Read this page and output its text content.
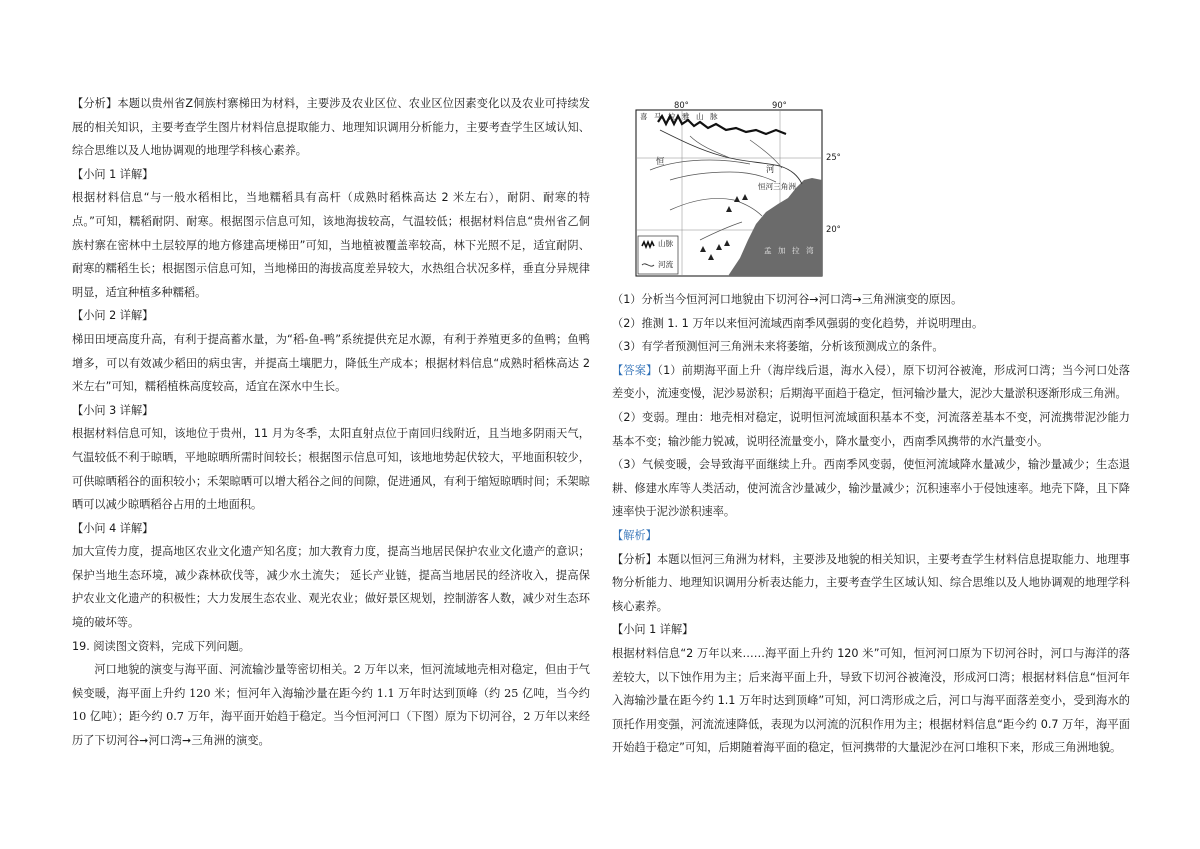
【分析】本题以贵州省Z侗族村寨梯田为材料，主要涉及农业区位、农业区位因素变化以及农业可持续发展的相关知识，主要考查学生图片材料信息提取能力、地理知识调用分析能力，主要考查学生区域认知、综合思维以及人地协调观的地理学科核心素养。

【小问 1 详解】

根据材料信息“与一般水稻相比，当地糯稻具有高杆（成熟时稻株高达 2 米左右），耐阴、耐寒的特点。”可知，糯稻耐阴、耐寒。根据图示信息可知，该地海拔较高，气温较低；根据材料信息“贵州省乙侗族村寨在密林中土层较厚的地方修建高埂梯田”可知，当地植被覆盖率较高，林下光照不足，适宜耐阴、耐寒的糯稻生长；根据图示信息可知，当地梯田的海拔高度差异较大，水热组合状况多样，垂直分异规律明显，适宜种植多种糯稻。

【小问 2 详解】

梯田田埂高度升高，有利于提高蓄水量，为“稻-鱼-鸭”系统提供充足水源，有利于养殖更多的鱼鸭；鱼鸭增多，可以有效减少稻田的病虫害，并提高土壤肥力，降低生产成本；根据材料信息“成熟时稻株高达 2 米左右”可知，糯稻植株高度较高，适宜在深水中生长。

【小问 3 详解】

根据材料信息可知，该地位于贵州，11 月为冬季，太阳直射点位于南回归线附近，且当地多阴雨天气，气温较低不利于晾晒，平地晾晒所需时间较长；根据图示信息可知，该地地势起伏较大，平地面积较少，可供晾晒稻谷的面积较小；禾架晾晒可以增大稻谷之间的间隙，促进通风，有利于缩短晾晒时间；禾架晾晒可以减少晾晒稻谷占用的土地面积。

【小问 4 详解】

加大宣传力度，提高地区农业文化遗产知名度；加大教育力度，提高当地居民保护农业文化遗产的意识；保护当地生态环境，减少森林砍伐等，减少水土流失； 延长产业链，提高当地居民的经济收入，提高保护农业文化遗产的积极性；大力发展生态农业、观光农业；做好景区规划，控制游客人数，减少对生态环境的破坏等。

19. 阅读图文资料，完成下列问题。

河口地貌的演变与海平面、河流输沙量等密切相关。2 万年以来，恒河流域地壳相对稳定，但由于气候变暖，海平面上升约 120 米；恒河年入海输沙量在距今约 1.1 万年时达到顶峰（约 25 亿吨，当今约 10 亿吨）；距今约 0.7 万年，海平面开始趋于稳定。当今恒河河口（下图）原为下切河谷，2 万年以来经历了下切河谷➞河口湾➞三角洲的演变。

80°	90°
25°
20°
喜 马 拉 雅 山 脉
恒
河
恒河三角洲
孟 加 拉 湾
山脉
河流

（1）分析当今恒河河口地貌由下切河谷→河口湾→三角洲演变的原因。

（2）推测 1. 1 万年以来恒河流域西南季风强弱的变化趋势，并说明理由。

（3）有学者预测恒河三角洲未来将萎缩，分析该预测成立的条件。

【答案】（1）前期海平面上升（海岸线后退，海水入侵），原下切河谷被淹，形成河口湾；当今河口处落差变小，流速变慢，泥沙易淤积；后期海平面趋于稳定，恒河输沙量大，泥沙大量淤积逐渐形成三角洲。

（2）变弱。理由：地壳相对稳定，说明恒河流域面积基本不变，河流落差基本不变，河流携带泥沙能力基本不变；输沙能力锐减，说明径流量变小，降水量变小，西南季风携带的水汽量变小。

（3）气候变暖，会导致海平面继续上升。西南季风变弱，使恒河流域降水量减少，输沙量减少；生态退耕、修建水库等人类活动，使河流含沙量减少，输沙量减少；沉积速率小于侵蚀速率。地壳下降，且下降速率快于泥沙淤积速率。

【解析】

【分析】本题以恒河三角洲为材料，主要涉及地貌的相关知识，主要考查学生材料信息提取能力、地理事物分析能力、地理知识调用分析表达能力，主要考查学生区域认知、综合思维以及人地协调观的地理学科核心素养。

【小问 1 详解】

根据材料信息“2 万年以来……海平面上升约 120 米”可知，恒河河口原为下切河谷时，河口与海洋的落差较大，以下蚀作用为主；后来海平面上升，导致下切河谷被淹没，形成河口湾；根据材料信息“恒河年入海输沙量在距今约 1.1 万年时达到顶峰”可知，河口湾形成之后，河口与海平面落差变小，受到海水的顶托作用变强，河流流速降低，表现为以河流的沉积作用为主；根据材料信息“距今约 0.7 万年，海平面开始趋于稳定”可知，后期随着海平面的稳定，恒河携带的大量泥沙在河口堆积下来，形成三角洲地貌。
